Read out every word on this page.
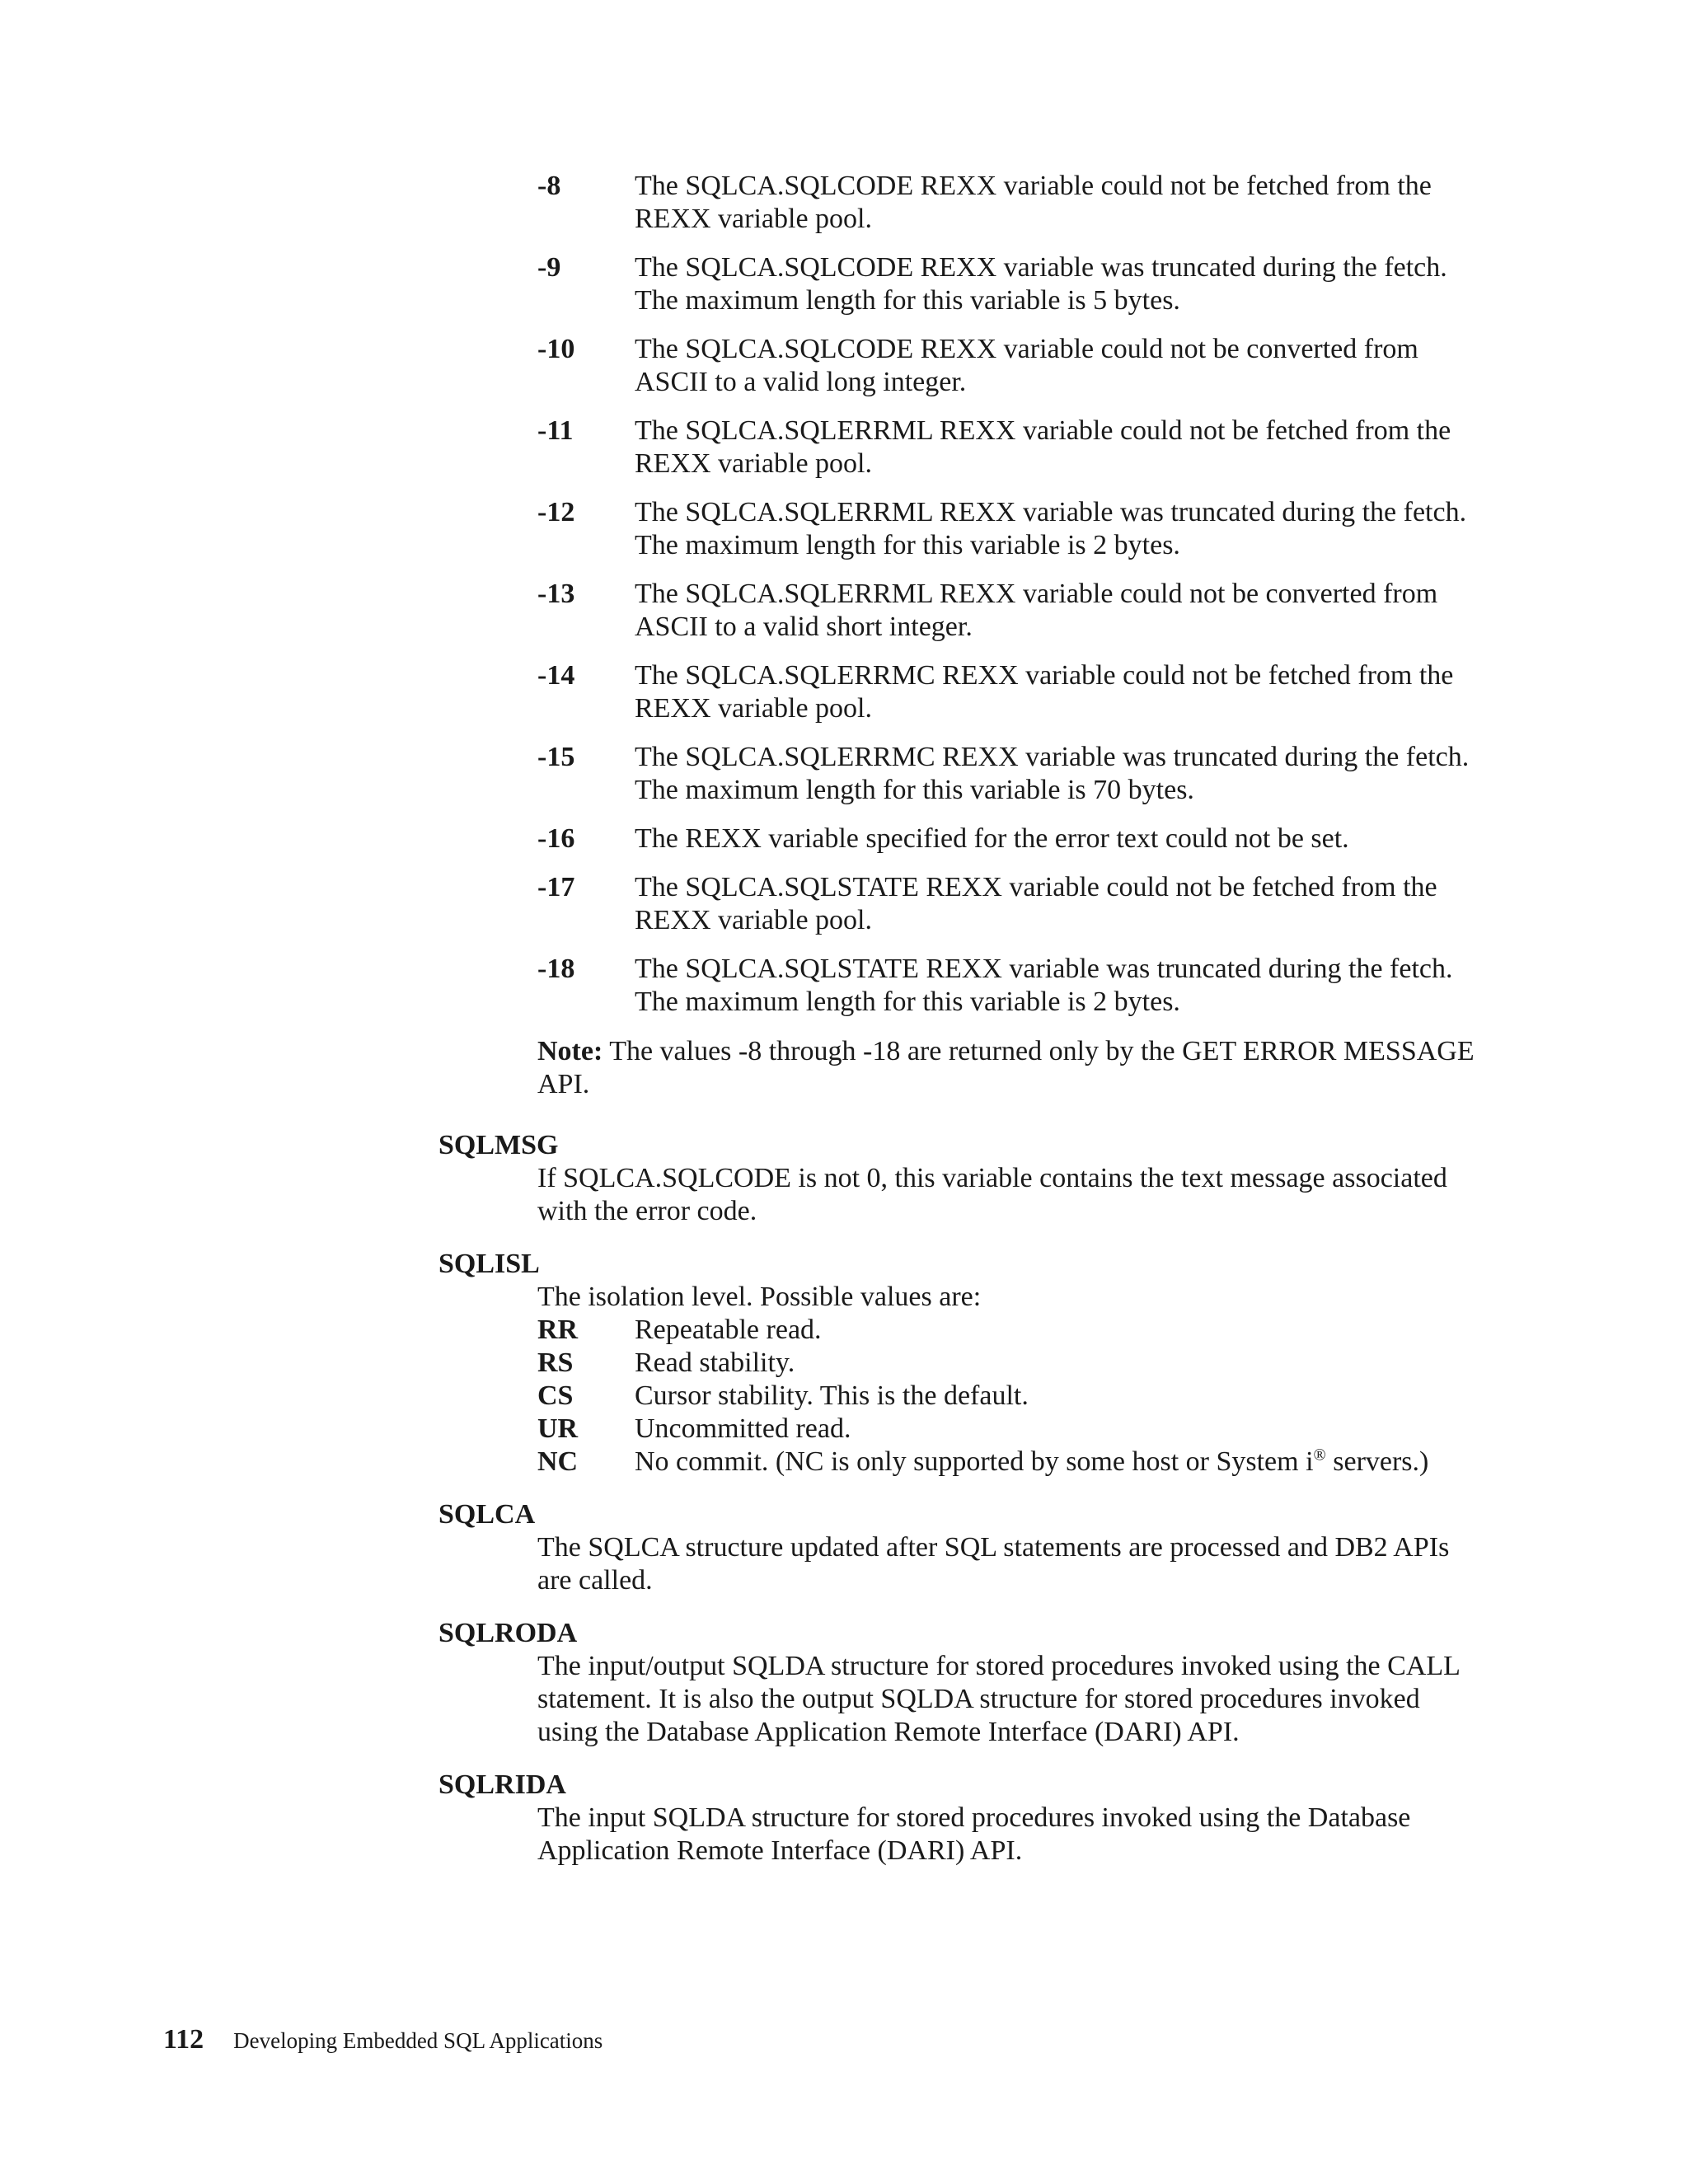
-8	The SQLCA.SQLCODE REXX variable could not be fetched from the REXX variable pool.
-9	The SQLCA.SQLCODE REXX variable was truncated during the fetch. The maximum length for this variable is 5 bytes.
-10	The SQLCA.SQLCODE REXX variable could not be converted from ASCII to a valid long integer.
-11	The SQLCA.SQLERRML REXX variable could not be fetched from the REXX variable pool.
-12	The SQLCA.SQLERRML REXX variable was truncated during the fetch. The maximum length for this variable is 2 bytes.
-13	The SQLCA.SQLERRML REXX variable could not be converted from ASCII to a valid short integer.
-14	The SQLCA.SQLERRMC REXX variable could not be fetched from the REXX variable pool.
-15	The SQLCA.SQLERRMC REXX variable was truncated during the fetch. The maximum length for this variable is 70 bytes.
-16	The REXX variable specified for the error text could not be set.
-17	The SQLCA.SQLSTATE REXX variable could not be fetched from the REXX variable pool.
-18	The SQLCA.SQLSTATE REXX variable was truncated during the fetch. The maximum length for this variable is 2 bytes.
Note: The values -8 through -18 are returned only by the GET ERROR MESSAGE API.
SQLMSG
If SQLCA.SQLCODE is not 0, this variable contains the text message associated with the error code.
SQLISL
The isolation level. Possible values are:
RR	Repeatable read.
RS	Read stability.
CS	Cursor stability. This is the default.
UR	Uncommitted read.
NC	No commit. (NC is only supported by some host or System i® servers.)
SQLCA
The SQLCA structure updated after SQL statements are processed and DB2 APIs are called.
SQLRODA
The input/output SQLDA structure for stored procedures invoked using the CALL statement. It is also the output SQLDA structure for stored procedures invoked using the Database Application Remote Interface (DARI) API.
SQLRIDA
The input SQLDA structure for stored procedures invoked using the Database Application Remote Interface (DARI) API.
112 Developing Embedded SQL Applications
